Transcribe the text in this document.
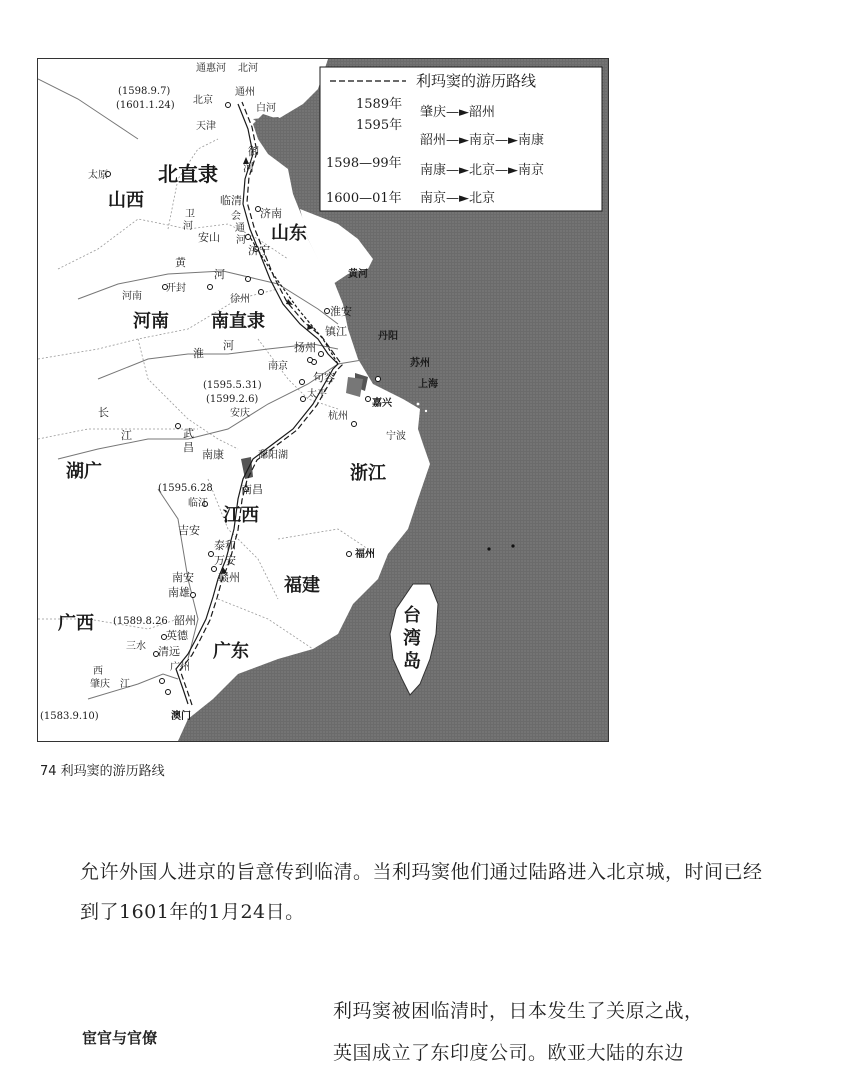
利玛窦的游历路线
1589年
肇庆—►韶州
1595年
韶州—►南京—►南康
1598—99年 南康—►北京—►南京
1600—01年 南京—►北京
北直隶
山西
山东
河南 南直隶
湖广	浙江
江西
福建
广西
广东
台
湾
岛
通惠河 北河
(1598.9.7)
(1601.1.24) 北京
通州
白河
天津
御
河
太原
临清
卫
河
济南
会
通
河
安山
济宁
黄
河
开封
河南	徐州
黄河
淮安
镇江	丹阳
淮
河	扬州
苏州
南京
句容
上海
(1595.5.31)
(1599.2.6)	太平
嘉兴
安庆	杭州
宁波
长
江	武
昌
南康	鄱阳湖
(1595.6.28	南昌
临江
吉安
泰和
万安
赣州
福州
南安
南雄
(1589.8.26 韶州
英德
三水 清远
广州
西
肇庆 江
(1583.9.10)	澳门
74 利玛窦的游历路线
允许外国人进京的旨意传到临清。当利玛窦他们通过陆路进入北京城，时间已经到了1601年的1月24日。
宦官与官僚
利玛窦被困临清时，日本发生了关原之战，
英国成立了东印度公司。欧亚大陆的东边
